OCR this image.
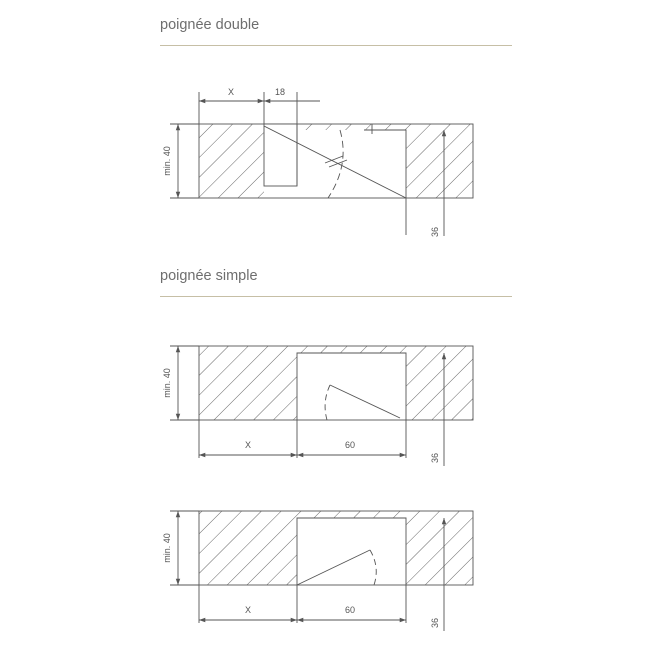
poignée double
poignée simple
X	18
min. 40
36
X	60
min. 40
36
X	60
min. 40
36
